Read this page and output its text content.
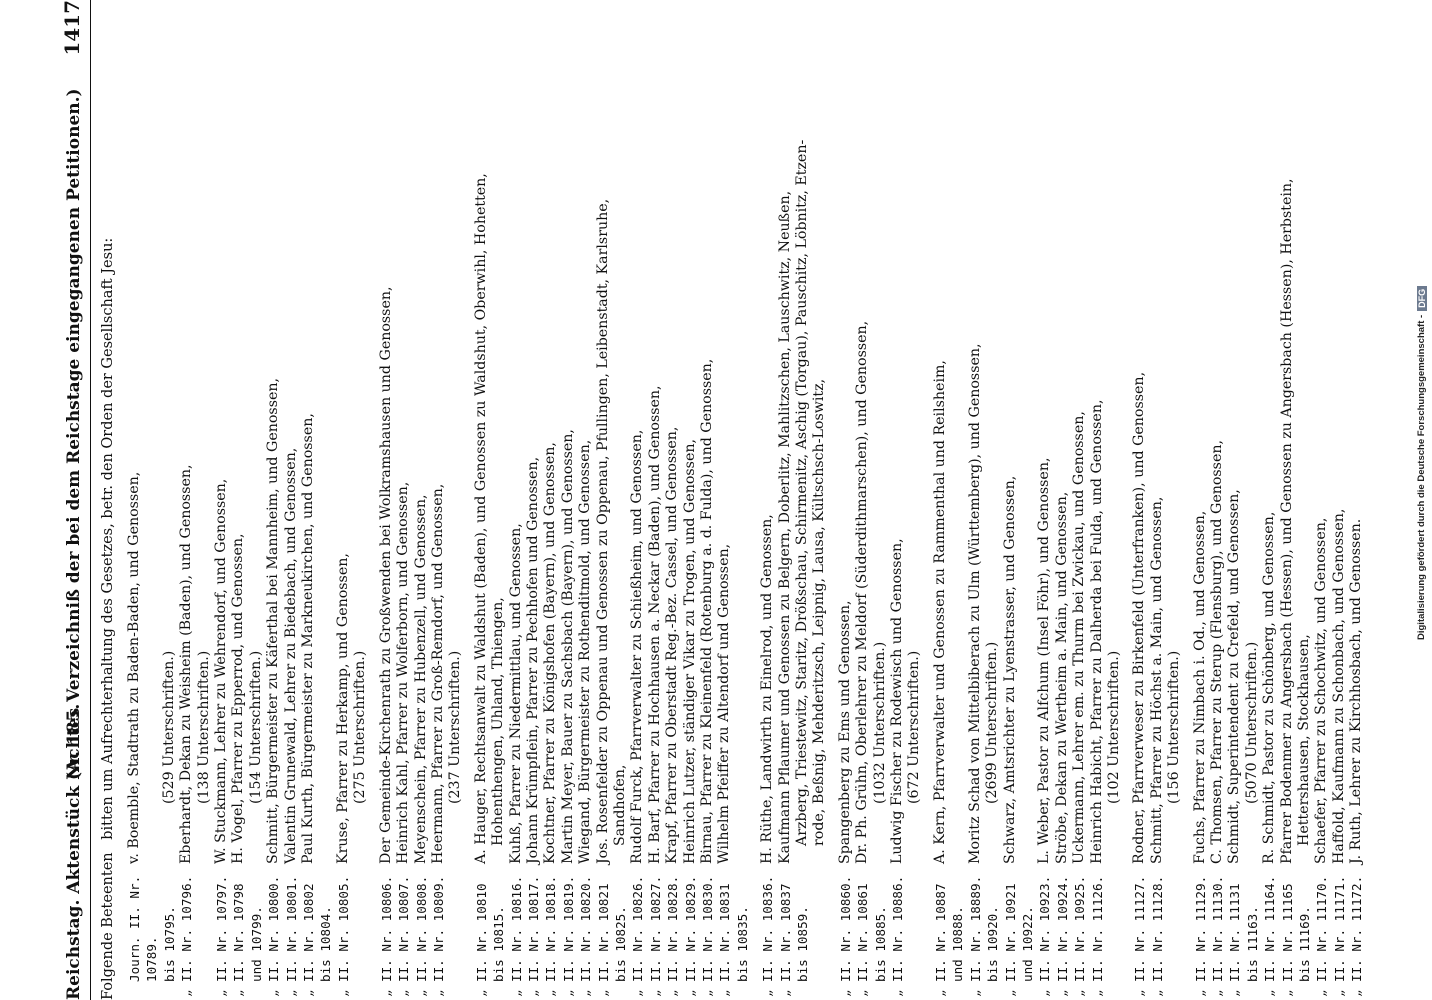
Reichstag. Aktenstück Nr. 185.
(Achtes Verzeichniß der bei dem Reichstage eingegangenen Petitionen.)
1417
Folgende Beteenten bitten um Aufrechterhaltung des Gesetzes, betr. den Orden der Gesellschaft Jesu:
Journ. II. Nr. 10789.
v. Boemble, Stadtrath zu Baden-Baden, und Genossen,
bis 10795.
(529 Unterschriften.)
„
II. Nr. 10796.
Eberhardt, Dekan zu Weisheim (Baden), und Genossen, (138 Unterschriften.)
„
II. Nr. 10797.
W. Stuckmann, Lehrer zu Wehrendorf, und Genossen,
„
II. Nr. 10798
H. Vogel, Pfarrer zu Epperrod, und Genossen,
und 10799.
(154 Unterschriften.)
„
II. Nr. 10800.
Schmitt, Bürgermeister zu Käferthal bei Mannheim, und Genossen,
„
II. Nr. 10801.
Valentin Grunewald, Lehrer zu Biedebach, und Genossen,
„
II. Nr. 10802
Paul Kurth, Bürgermeister zu Markneukirchen, und Genossen,
bis 10804.
„
II. Nr. 10805.
Kruse, Pfarrer zu Herkamp, und Genossen, (275 Unterschriften.)
„
II. Nr. 10806.
Der Gemeinde-Kirchenrath zu Großwenden bei Wolkramshausen und Genossen,
„
II. Nr. 10807.
Heinrich Kahl, Pfarrer zu Wolferborn, und Genossen,
„
II. Nr. 10808.
Meyenschein, Pfarrer zu Hubenzell, und Genossen,
„
II. Nr. 10809.
Heermann, Pfarrer zu Groß-Remdorf, und Genossen, (237 Unterschriften.)
„
II. Nr. 10810
A. Hauger, Rechtsanwalt zu Waldshut (Baden), und Genossen zu Waldshut, Oberwihl, Hohetten,
bis 10815.
Hohenthengen, Uhland, Thiengen,
„
II. Nr. 10816.
Kuhß, Pfarrer zu Niedermittlau, und Genossen,
„
II. Nr. 10817.
Johann Krümpflein, Pfarrer zu Pechhofen und Genossen,
„
II. Nr. 10818.
Kochtner, Pfarrer zu Königshofen (Bayern), und Genossen,
„
II. Nr. 10819.
Martin Meyer, Bauer zu Sachsbach (Bayern), und Genossen,
„
II. Nr. 10820.
Wiegand, Bürgermeister zu Rothenditmold, und Genossen,
„
II. Nr. 10821
Jos. Rosenfelder zu Oppenau und Genossen zu Oppenau, Pfullingen, Leibenstadt, Karlsruhe,
bis 10825.
Sandhofen,
„
II. Nr. 10826.
Rudolf Furck, Pfarrverwalter zu Schießheim, und Genossen,
„
II. Nr. 10827.
H. Barf, Pfarrer zu Hochhausen a. Neckar (Baden), und Genossen,
„
II. Nr. 10828.
Krapf, Pfarrer zu Oberstadt Reg.-Bez. Cassel, und Genossen,
„
II. Nr. 10829.
Heinrich Lutzer, ständiger Vikar zu Trogen, und Genossen,
„
II. Nr. 10830.
Birnau, Pfarrer zu Kleinenfeld (Rotenburg a. d. Fulda), und Genossen,
„
II. Nr. 10831
Wilhelm Pfeiffer zu Altendorf und Genossen,
bis 10835.
„
II. Nr. 10836.
H. Rüthe, Landwirth zu Einelrod, und Genossen,
„
II. Nr. 10837
Kaufmann Pflaumer und Genossen zu Belgern, Doberlitz, Mahlitzschen, Lauschwitz, Neußen,
bis 10859.
Arzberg, Triestewitz, Staritz, Drößschau, Schirmenitz, Aschig (Torgau), Pauschitz, Löbnitz, Etzen- rode, Beßnig, Mehderitzsch, Leipnig, Lausa, Kültschsch-Loswitz,
„
II. Nr. 10860.
Spangenberg zu Ems und Genossen,
„
II. Nr. 10861
Dr. Ph. Grühn, Oberlehrer zu Meldorf (Süderdithmarschen), und Genossen,
bis 10885.
(1032 Unterschriften.)
„
II. Nr. 10886.
Ludwig Fischer zu Rodewisch und Genossen, (672 Unterschriften.)
„
II. Nr. 10887
A. Kern, Pfarrverwalter und Genossen zu Rammenthal und Reilsheim,
und 10888.
„
II. Nr. 18889.
Moritz Schad von Mittelbiberach zu Ulm (Württemberg), und Genossen,
bis 10920.
(2699 Unterschriften.)
„
II. Nr. 10921
Schwarz, Amtsrichter zu Lyenstrasser, und Genossen,
und 10922.
„
II. Nr. 10923.
L. Weber, Pastor zu Alfchum (Insel Föhr), und Genossen,
„
II. Nr. 10924.
Ströbe, Dekan zu Wertheim a. Main, und Genossen,
„
II. Nr. 10925.
Uckermann, Lehrer em. zu Thurm bei Zwickau, und Genossen,
„
II. Nr. 11126.
Heinrich Habicht, Pfarrer zu Dalherda bei Fulda, und Genossen, (102 Unterschriften.)
„
II. Nr. 11127.
Rodner, Pfarrverweser zu Birkenfeld (Unterfranken), und Genossen,
„
II. Nr. 11128.
Schmitt, Pfarrer zu Höchst a. Main, und Genossen, (156 Unterschriften.)
„
II. Nr. 11129.
Fuchs, Pfarrer zu Nimbach i. Od., und Genossen,
„
II. Nr. 11130.
C. Thomsen, Pfarrer zu Sterup (Flensburg), und Genossen,
„
II. Nr. 11131
Schmidt, Superintendent zu Crefeld, und Genossen,
bis 11163.
(5070 Unterschriften.)
„
II. Nr. 11164.
R. Schmidt, Pastor zu Schönberg, und Genossen,
„
II. Nr. 11165
Pfarrer Bodenmer zu Angersbach (Hessen), und Genossen zu Angersbach (Hessen), Herbstein,
bis 11169.
Hettershausen, Stockhausen,
„
II. Nr. 11170.
Schaefer, Pfarrer zu Schochwitz, und Genossen,
„
II. Nr. 11171.
Haffold, Kaufmann zu Schonbach, und Genossen,
„
II. Nr. 11172.
J. Ruth, Lehrer zu Kirchhosbach, und Genossen.
Digitalisierung gefördert durch die Deutsche Forschungsgemeinschaft -
DFG
